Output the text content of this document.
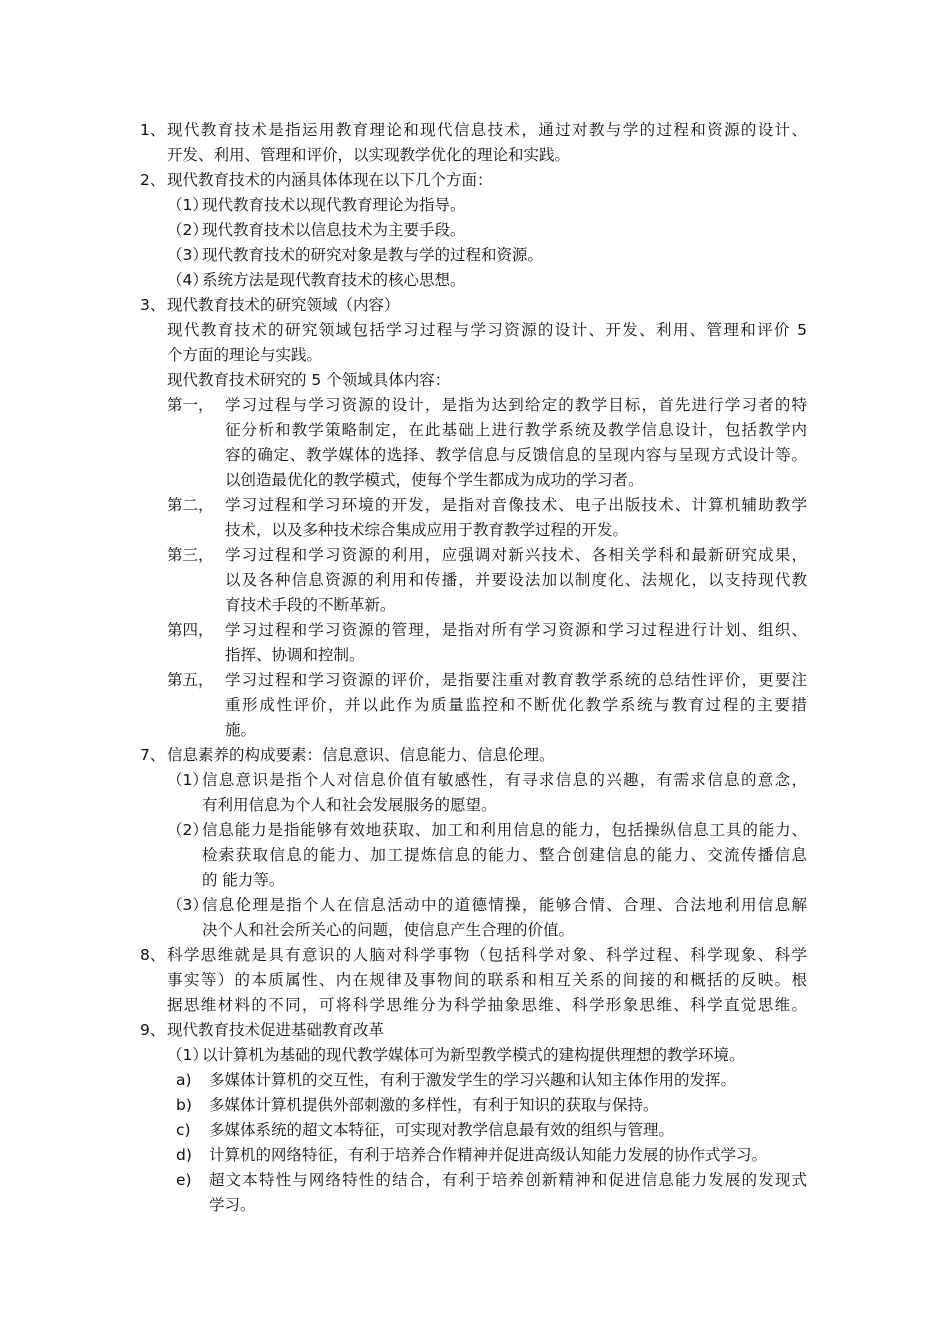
1、 现代教育技术是指运用教育理论和现代信息技术，通过对教与学的过程和资源的设计、
开发、利用、管理和评价，以实现教学优化的理论和实践。
2、 现代教育技术的内涵具体体现在以下几个方面：
（1）
现代教育技术以现代教育理论为指导。
（2）
现代教育技术以信息技术为主要手段。
（3）
现代教育技术的研究对象是教与学的过程和资源。
（4）
系统方法是现代教育技术的核心思想。
3、 现代教育技术的研究领域（内容）
现代教育技术的研究领域包括学习过程与学习资源的设计、开发、利用、管理和评价 5
个方面的理论与实践。
现代教育技术研究的 5 个领域具体内容：
第一， 学习过程与学习资源的设计，是指为达到给定的教学目标，首先进行学习者的特
征分析和教学策略制定，在此基础上进行教学系统及教学信息设计，包括教学内
容的确定、教学媒体的选择、教学信息与反馈信息的呈现内容与呈现方式设计等。
以创造最优化的教学模式，使每个学生都成为成功的学习者。
第二， 学习过程和学习环境的开发，是指对音像技术、电子出版技术、计算机辅助教学
技术，以及多种技术综合集成应用于教育教学过程的开发。
第三， 学习过程和学习资源的利用，应强调对新兴技术、各相关学科和最新研究成果，
以及各种信息资源的利用和传播，并要设法加以制度化、法规化，以支持现代教
育技术手段的不断革新。
第四， 学习过程和学习资源的管理，是指对所有学习资源和学习过程进行计划、组织、
指挥、协调和控制。
第五， 学习过程和学习资源的评价，是指要注重对教育教学系统的总结性评价，更要注
重形成性评价，并以此作为质量监控和不断优化教学系统与教育过程的主要措
施。
7、 信息素养的构成要素：信息意识、信息能力、信息伦理。
（1）
信息意识是指个人对信息价值有敏感性，有寻求信息的兴趣，有需求信息的意念，
有利用信息为个人和社会发展服务的愿望。
（2）
信息能力是指能够有效地获取、加工和利用信息的能力，包括操纵信息工具的能力、
检索获取信息的能力、加工提炼信息的能力、整合创建信息的能力、交流传播信息
的 能力等。
（3）
信息伦理是指个人在信息活动中的道德情操，能够合情、合理、合法地利用信息解
决个人和社会所关心的问题，使信息产生合理的价值。
8、 科学思维就是具有意识的人脑对科学事物（包括科学对象、科学过程、科学现象、科学
事实等）的本质属性、内在规律及事物间的联系和相互关系的间接的和概括的反映。根
据思维材料的不同，可将科学思维分为科学抽象思维、科学形象思维、科学直觉思维。
9、 现代教育技术促进基础教育改革
（1）
以计算机为基础的现代教学媒体可为新型教学模式的建构提供理想的教学环境。
a) 多媒体计算机的交互性，有利于激发学生的学习兴趣和认知主体作用的发挥。
b) 多媒体计算机提供外部刺激的多样性，有利于知识的获取与保持。
c) 多媒体系统的超文本特征，可实现对教学信息最有效的组织与管理。
d) 计算机的网络特征，有利于培养合作精神并促进高级认知能力发展的协作式学习。
e) 超文本特性与网络特性的结合，有利于培养创新精神和促进信息能力发展的发现式
学习。
